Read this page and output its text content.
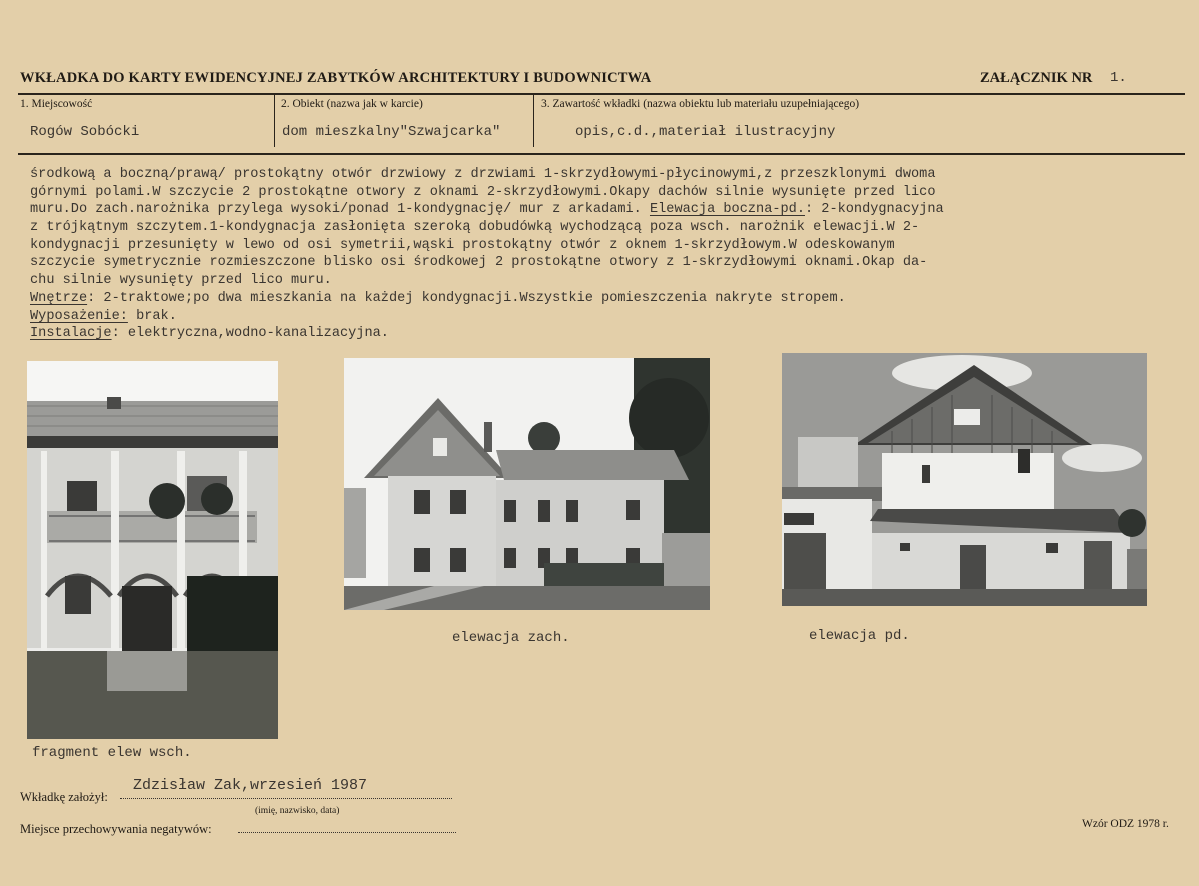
WKŁADKA DO KARTY EWIDENCYJNEJ ZABYTKÓW ARCHITEKTURY I BUDOWNICTWA	ZAŁĄCZNIK NR 1.
1. Miejscowość	2. Obiekt (nazwa jak w karcie)	3. Zawartość wkładki (nazwa obiektu lub materiału uzupełniającego)
Rogów Sobócki	dom mieszkalny"Szwajcarka"	opis,c.d.,materiał ilustracyjny
środkową a boczną/prawą/ prostokątny otwór drzwiowy z drzwiami 1-skrzydłowymi-płycinowymi,z przeszklonymi dwoma
górnymi polami.W szczycie 2 prostokątne otwory z oknami 2-skrzydłowymi.Okapy dachów silnie wysunięte przed lico
muru.Do zach.narożnika przylega wysoki/ponad 1-kondygnację/ mur z arkadami. Elewacja boczna-pd.: 2-kondygnacyjna
z trójkątnym szczytem.1-kondygnacja zasłonięta szeroką dobudówką wychodzącą poza wsch. narożnik elewacji.W 2-
kondygnacji przesunięty w lewo od osi symetrii,wąski prostokątny otwór z oknem 1-skrzydłowym.W odeskowanym
szczycie symetrycznie rozmieszczone blisko osi środkowej 2 prostokątne otwory z 1-skrzydłowymi oknami.Okap da-
chu silnie wysunięty przed lico muru.
Wnętrze: 2-traktowe;po dwa mieszkania na każdej kondygnacji.Wszystkie pomieszczenia nakryte stropem.
Wyposażenie: brak.
Instalacje: elektryczna,wodno-kanalizacyjna.
fragment elew wsch.
elewacja zach.	elewacja pd.
Wkładkę założył:
Zdzisław Zak,wrzesień 1987
(imię, nazwisko, data)
Miejsce przechowywania negatywów:	Wzór ODZ 1978 r.
